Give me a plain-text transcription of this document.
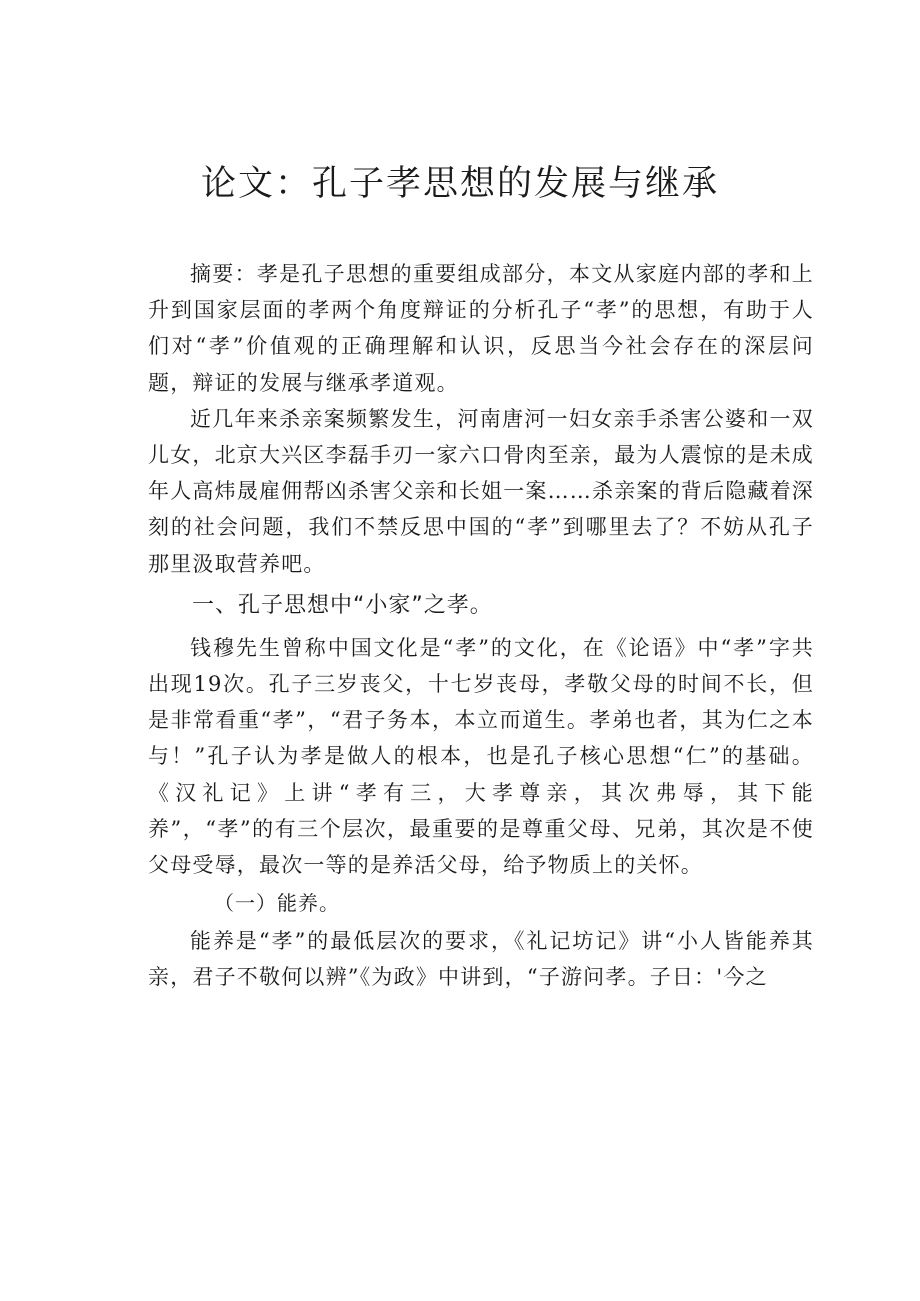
论文：孔子孝思想的发展与继承

摘要：孝是孔子思想的重要组成部分，本文从家庭内部的孝和上升到国家层面的孝两个角度辩证的分析孔子“孝”的思想，有助于人们对“孝”价值观的正确理解和认识，反思当今社会存在的深层问题，辩证的发展与继承孝道观。

近几年来杀亲案频繁发生，河南唐河一妇女亲手杀害公婆和一双儿女，北京大兴区李磊手刃一家六口骨肉至亲，最为人震惊的是未成年人高炜晟雇佣帮凶杀害父亲和长姐一案……杀亲案的背后隐藏着深刻的社会问题，我们不禁反思中国的“孝”到哪里去了？不妨从孔子那里汲取营养吧。

一、孔子思想中“小家”之孝。

钱穆先生曾称中国文化是“孝”的文化，在《论语》中“孝”字共出现19次。孔子三岁丧父，十七岁丧母，孝敬父母的时间不长，但是非常看重“孝”，“君子务本，本立而道生。孝弟也者，其为仁之本与！”孔子认为孝是做人的根本，也是孔子核心思想“仁”的基础。《汉礼记》上讲“孝有三，大孝尊亲，其次弗辱，其下能养”，“孝”的有三个层次，最重要的是尊重父母、兄弟，其次是不使父母受辱，最次一等的是养活父母，给予物质上的关怀。

（一）能养。

能养是“孝”的最低层次的要求，《礼记坊记》讲“小人皆能养其亲，君子不敬何以辨”《为政》中讲到，“子游问孝。子日：'今之
